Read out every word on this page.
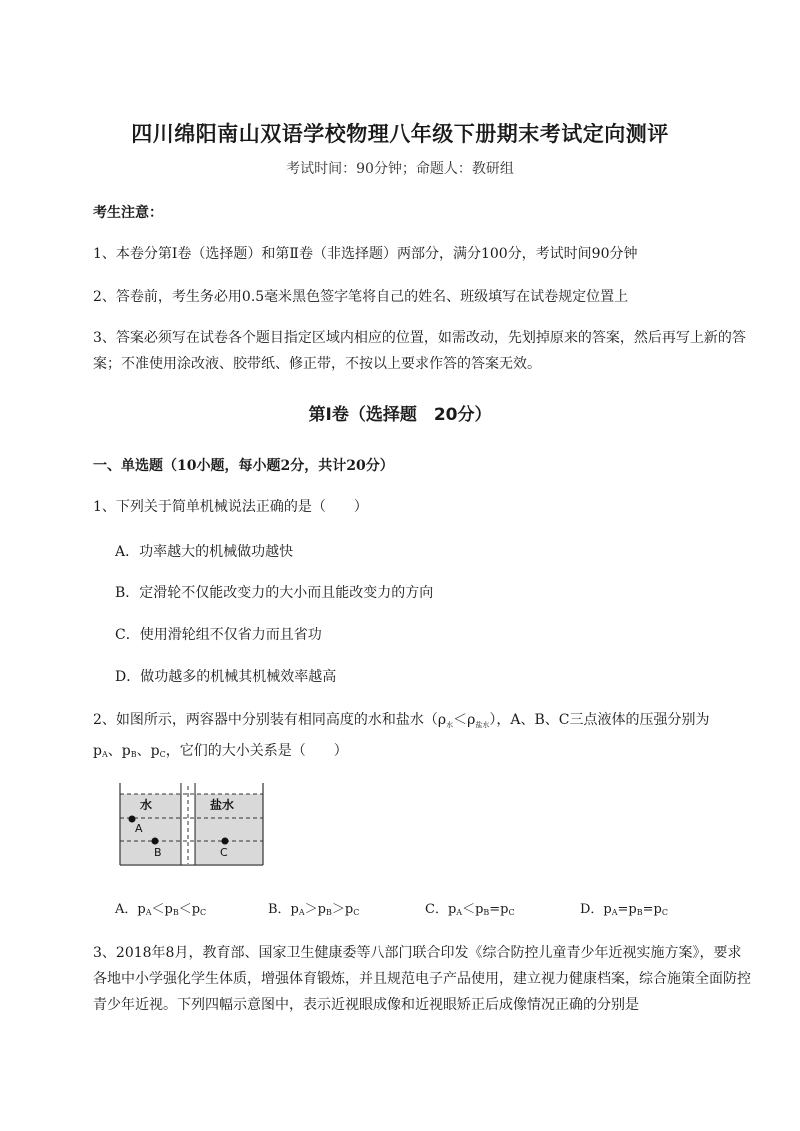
四川绵阳南山双语学校物理八年级下册期末考试定向测评
考试时间：90分钟；命题人：教研组
考生注意：
1、本卷分第Ⅰ卷（选择题）和第Ⅱ卷（非选择题）两部分，满分100分，考试时间90分钟
2、答卷前，考生务必用0.5毫米黑色签字笔将自己的姓名、班级填写在试卷规定位置上
3、答案必须写在试卷各个题目指定区域内相应的位置，如需改动，先划掉原来的答案，然后再写上新的答案；不准使用涂改液、胶带纸、修正带，不按以上要求作答的答案无效。
第Ⅰ卷（选择题　20分）
一、单选题（10小题，每小题2分，共计20分）
1、下列关于简单机械说法正确的是（　　）
A．功率越大的机械做功越快
B．定滑轮不仅能改变力的大小而且能改变力的方向
C．使用滑轮组不仅省力而且省功
D．做功越多的机械其机械效率越高
2、如图所示，两容器中分别装有相同高度的水和盐水$(\rho_水<\rho_{盐水})$，A、B、C三点液体的压强分别为
$p_A$、$p_B$、$p_C$，它们的大小关系是（　　）
水	盐水
A
B	C
A．$p_A<p_B<p_C$	B．$p_A>p_B>p_C$	C．$p_A<p_B=p_C$	D．$p_A=p_B=p_C$
3、2018年8月，教育部、国家卫生健康委等八部门联合印发《综合防控儿童青少年近视实施方案》，要求各地中小学强化学生体质，增强体育锻炼，并且规范电子产品使用，建立视力健康档案，综合施策全面防控青少年近视。下列四幅示意图中，表示近视眼成像和近视眼矫正后成像情况正确的分别是
